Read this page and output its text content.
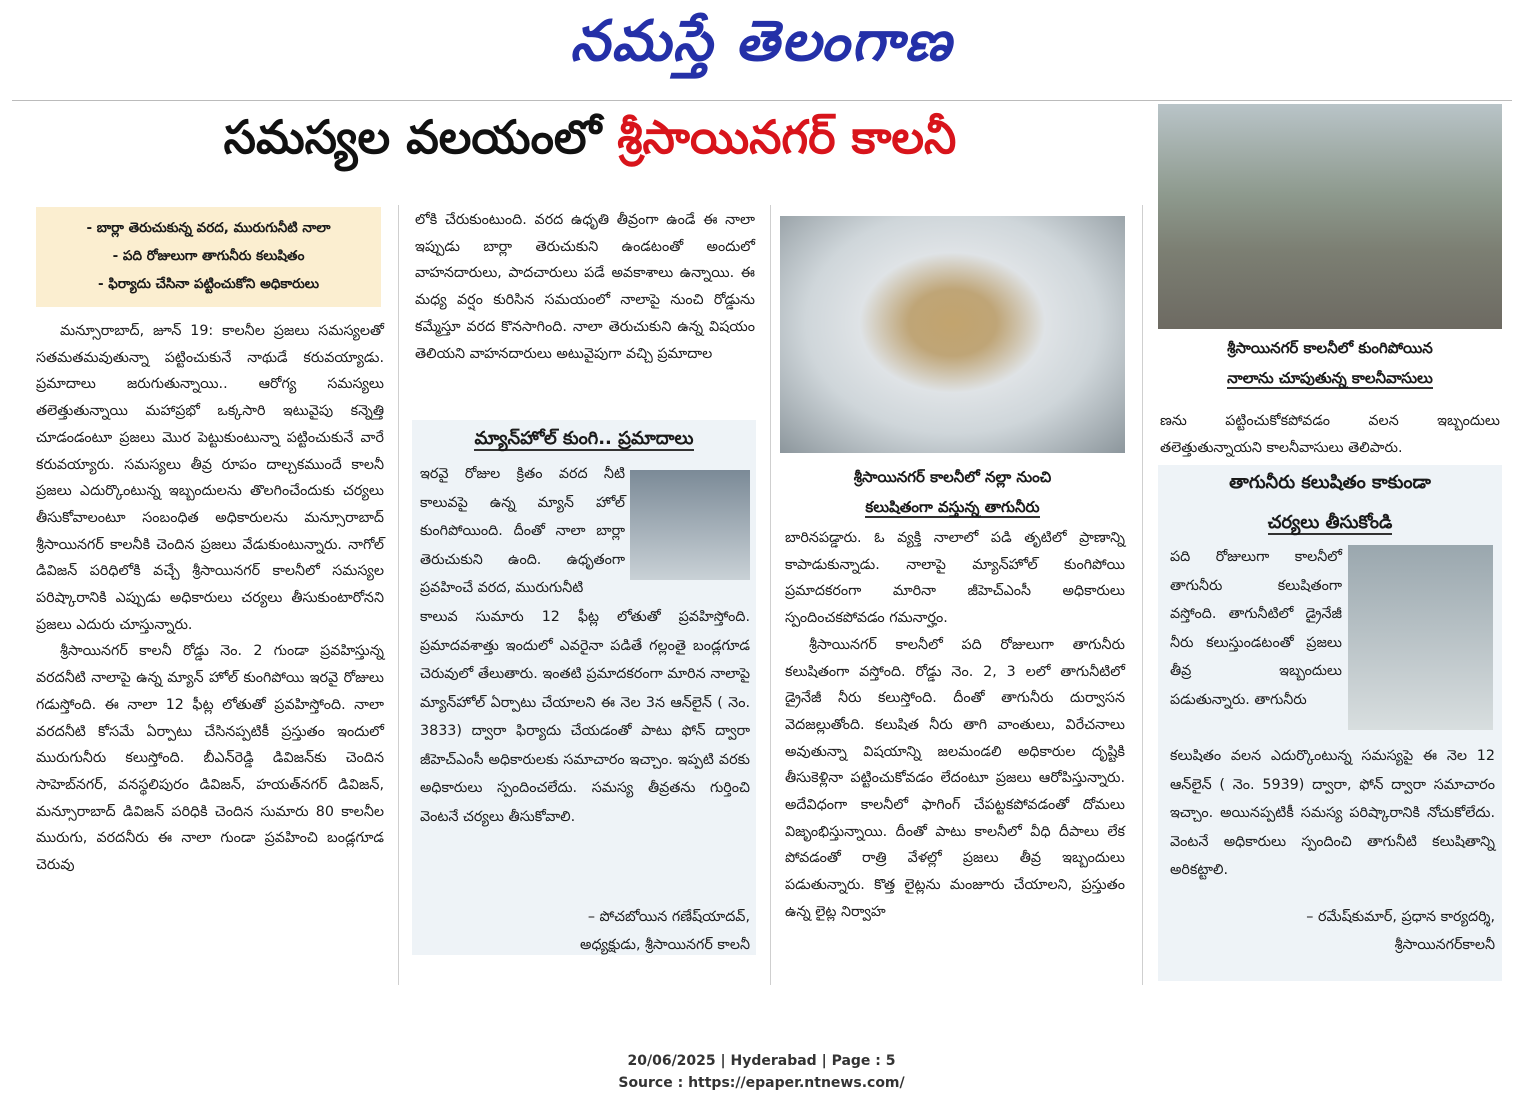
నమస్తే తెలంగాణ
సమస్యల వలయంలో శ్రీసాయినగర్ కాలనీ
- బార్లా తెరుచుకున్న వరద, మురుగునీటి నాలా
- పది రోజులుగా తాగునీరు కలుషితం
- ఫిర్యాదు చేసినా పట్టించుకోని అధికారులు

మన్సూరాబాద్, జూన్ 19: కాలనీల ప్రజలు సమస్యలతో సతమతమవుతున్నా పట్టించుకునే నాథుడే కరువయ్యాడు. ప్రమాదాలు జరుగుతున్నాయి.. ఆరోగ్య సమస్యలు తలెత్తుతున్నాయి మహాప్రభో ఒక్కసారి ఇటువైపు కన్నెత్తి చూడండంటూ ప్రజలు మొర పెట్టుకుంటున్నా పట్టించుకునే వారే కరువయ్యారు. సమస్యలు తీవ్ర రూపం దాల్చకముందే కాలనీ ప్రజలు ఎదుర్కొంటున్న ఇబ్బందులను తొలగించేందుకు చర్యలు తీసుకోవాలంటూ సంబంధిత అధికారులను మన్సూరాబాద్ శ్రీసాయినగర్ కాలనీకి చెందిన ప్రజలు వేడుకుంటున్నారు. నాగోల్ డివిజన్ పరిధిలోకి వచ్చే శ్రీసాయినగర్ కాలనీలో సమస్యల పరిష్కారానికి ఎప్పుడు అధికారులు చర్యలు తీసుకుంటారోనని ప్రజలు ఎదురు చూస్తున్నారు.

శ్రీసాయినగర్ కాలనీ రోడ్డు నెం. 2 గుండా ప్రవహిస్తున్న వరదనీటి నాలాపై ఉన్న మ్యాన్ హోల్ కుంగిపోయి ఇరవై రోజులు గడుస్తోంది. ఈ నాలా 12 ఫీట్ల లోతుతో ప్రవహిస్తోంది. నాలా వరదనీటి కోసమే ఏర్పాటు చేసినప్పటికీ ప్రస్తుతం ఇందులో మురుగునీరు కలుస్తోంది. బీఎన్‌రెడ్డి డివిజన్‌కు చెందిన సాహెబ్‌నగర్, వనస్థలిపురం డివిజన్, హయత్‌నగర్ డివిజన్, మన్సూరాబాద్ డివిజన్ పరిధికి చెందిన సుమారు 80 కాలనీల మురుగు, వరదనీరు ఈ నాలా గుండా ప్రవహించి బండ్లగూడ చెరువు

లోకి చేరుకుంటుంది. వరద ఉధృతి తీవ్రంగా ఉండే ఈ నాలా ఇప్పుడు బార్లా తెరుచుకుని ఉండటంతో అందులో వాహనదారులు, పాదచారులు పడే అవకాశాలు ఉన్నాయి. ఈ మధ్య వర్షం కురిసిన సమయంలో నాలాపై నుంచి రోడ్డును కమ్మేస్తూ వరద కొనసాగింది. నాలా తెరుచుకుని ఉన్న విషయం తెలియని వాహనదారులు అటువైపుగా వచ్చి ప్రమాదాల

మ్యాన్‌హోల్ కుంగి.. ప్రమాదాలు

ఇరవై రోజుల క్రితం వరద నీటి కాలువపై ఉన్న మ్యాన్ హోల్ కుంగిపోయింది. దీంతో నాలా బార్లా తెరుచుకుని ఉంది. ఉధృతంగా ప్రవహించే వరద, మురుగునీటి

కాలువ సుమారు 12 ఫీట్ల లోతుతో ప్రవహిస్తోంది. ప్రమాదవశాత్తు ఇందులో ఎవరైనా పడితే గల్లంతై బండ్లగూడ చెరువులో తేలుతారు. ఇంతటి ప్రమాదకరంగా మారిన నాలాపై మ్యాన్‌హోల్ ఏర్పాటు చేయాలని ఈ నెల 3న ఆన్‌లైన్ ( నెం. 3833) ద్వారా ఫిర్యాదు చేయడంతో పాటు ఫోన్ ద్వారా జీహెచ్‌ఎంసీ అధికారులకు సమాచారం ఇచ్చాం. ఇప్పటి వరకు అధికారులు స్పందించలేదు. సమస్య తీవ్రతను గుర్తించి వెంటనే చర్యలు తీసుకోవాలి.

– పోచబోయిన గణేష్‌యాదవ్,
అధ్యక్షుడు, శ్రీసాయినగర్ కాలనీ
శ్రీసాయినగర్ కాలనీలో నల్లా నుంచి
కలుషితంగా వస్తున్న తాగునీరు

బారినపడ్డారు. ఓ వ్యక్తి నాలాలో పడి తృటిలో ప్రాణాన్ని కాపాడుకున్నాడు. నాలాపై మ్యాన్‌హోల్ కుంగిపోయి ప్రమాదకరంగా మారినా జీహెచ్‌ఎంసీ అధికారులు స్పందించకపోవడం గమనార్హం.

శ్రీసాయినగర్ కాలనీలో పది రోజులుగా తాగునీరు కలుషితంగా వస్తోంది. రోడ్డు నెం. 2, 3 లలో తాగునీటిలో డ్రైనేజీ నీరు కలుస్తోంది. దీంతో తాగునీరు దుర్వాసన వెదజల్లుతోంది. కలుషిత నీరు తాగి వాంతులు, విరేచనాలు అవుతున్నా విషయాన్ని జలమండలి అధికారుల దృష్టికి తీసుకెళ్లినా పట్టించుకోవడం లేదంటూ ప్రజలు ఆరోపిస్తున్నారు. అదేవిధంగా కాలనీలో ఫాగింగ్ చేపట్టకపోవడంతో దోమలు విజృంభిస్తున్నాయి. దీంతో పాటు కాలనీలో వీధి దీపాలు లేక పోవడంతో రాత్రి వేళల్లో ప్రజలు తీవ్ర ఇబ్బందులు పడుతున్నారు. కొత్త లైట్లను మంజూరు చేయాలని, ప్రస్తుతం ఉన్న లైట్ల నిర్వాహ

శ్రీసాయినగర్ కాలనీలో కుంగిపోయిన
నాలాను చూపుతున్న కాలనీవాసులు

ణను పట్టించుకోకపోవడం వలన ఇబ్బందులు తలెత్తుతున్నాయని కాలనీవాసులు తెలిపారు.

తాగునీరు కలుషితం కాకుండా
చర్యలు తీసుకోండి

పది రోజులుగా కాలనీలో తాగునీరు కలుషితంగా వస్తోంది. తాగునీటిలో డ్రైనేజీ నీరు కలుస్తుండటంతో ప్రజలు తీవ్ర ఇబ్బందులు పడుతున్నారు. తాగునీరు

కలుషితం వలన ఎదుర్కొంటున్న సమస్యపై ఈ నెల 12 ఆన్‌లైన్ ( నెం. 5939) ద్వారా, ఫోన్ ద్వారా సమాచారం ఇచ్చాం. అయినప్పటికీ సమస్య పరిష్కారానికి నోచుకోలేదు. వెంటనే అధికారులు స్పందించి తాగునీటి కలుషితాన్ని అరికట్టాలి.

– రమేష్‌కుమార్, ప్రధాన కార్యదర్శి,
శ్రీసాయినగర్‌కాలనీ
20/06/2025 | Hyderabad | Page : 5
Source : https://epaper.ntnews.com/
